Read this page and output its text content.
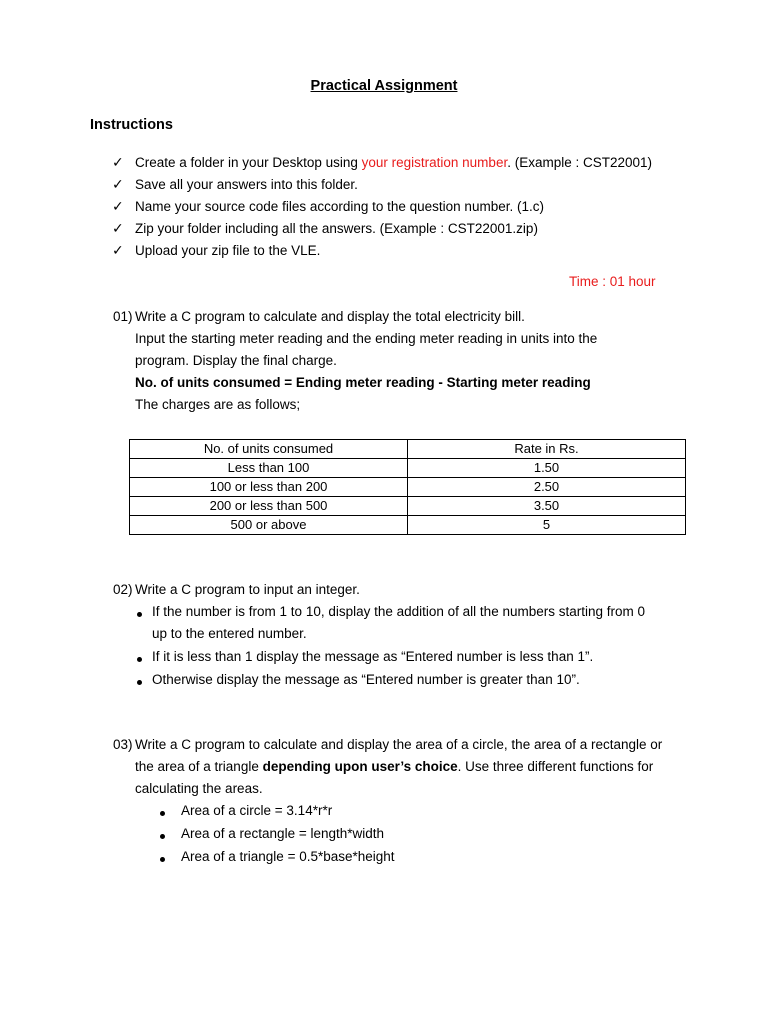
Practical Assignment
Instructions
✓ Create a folder in your Desktop using your registration number. (Example : CST22001)
✓ Save all your answers into this folder.
✓ Name your source code files according to the question number. (1.c)
✓ Zip your folder including all the answers. (Example : CST22001.zip)
✓ Upload your zip file to the VLE.
Time : 01 hour
01) Write a C program to calculate and display the total electricity bill.
Input the starting meter reading and the ending meter reading in units into the
program. Display the final charge.
No. of units consumed = Ending meter reading - Starting meter reading
The charges are as follows;
No. of units consumed	Rate in Rs.
Less than 100	1.50
100 or less than 200	2.50
200 or less than 500	3.50
500 or above	5
02) Write a C program to input an integer.
If the number is from 1 to 10, display the addition of all the numbers starting from 0
up to the entered number.
If it is less than 1 display the message as “Entered number is less than 1”.
Otherwise display the message as “Entered number is greater than 10”.
03) Write a C program to calculate and display the area of a circle, the area of a rectangle or
the area of a triangle depending upon user’s choice. Use three different functions for
calculating the areas.
Area of a circle = 3.14*r*r
Area of a rectangle = length*width
Area of a triangle = 0.5*base*height
